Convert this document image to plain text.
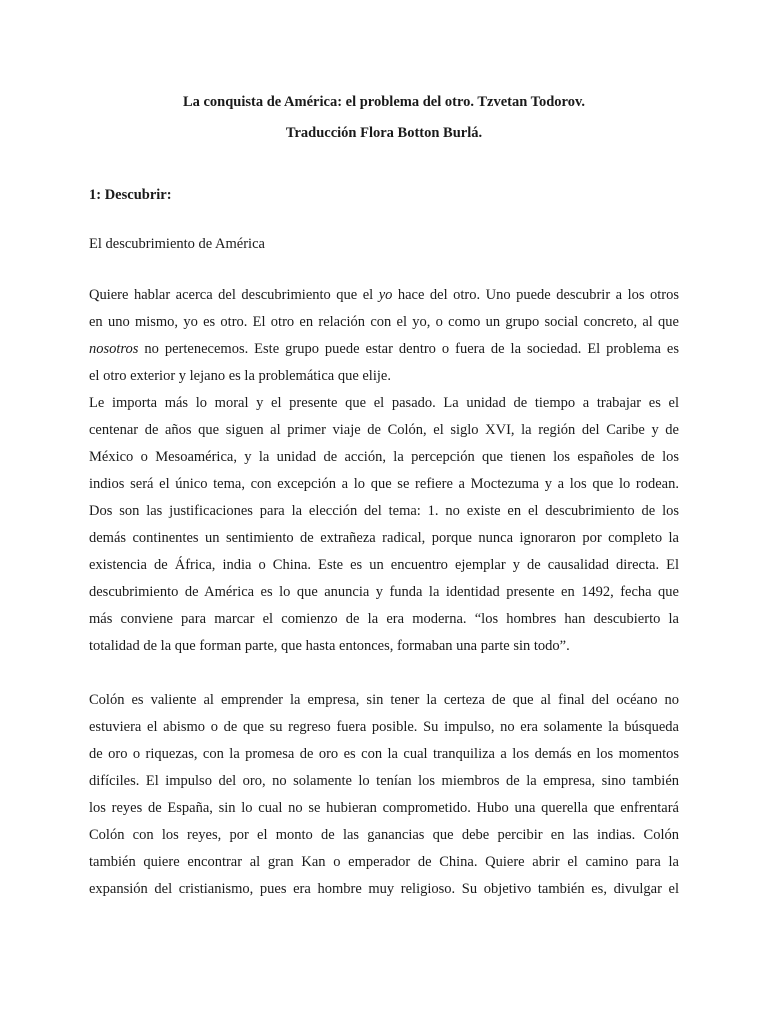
La conquista de América: el problema del otro. Tzvetan Todorov.
Traducción Flora Botton Burlá.
1: Descubrir:
El descubrimiento de América
Quiere hablar acerca del descubrimiento que el yo hace del otro. Uno puede descubrir a los otros
en uno mismo, yo es otro. El otro en relación con el yo, o como un grupo social concreto, al que
nosotros no pertenecemos. Este grupo puede estar dentro o fuera de la sociedad. El problema es
el otro exterior y lejano es la problemática que elije.
Le importa más lo moral y el presente que el pasado. La unidad de tiempo a trabajar es el
centenar de años que siguen al primer viaje de Colón, el siglo XVI, la región del Caribe y de
México o Mesoamérica, y la unidad de acción, la percepción que tienen los españoles de los
indios será el único tema, con excepción a lo que se refiere a Moctezuma y a los que lo rodean.
Dos son las justificaciones para la elección del tema: 1. no existe en el descubrimiento de los
demás continentes un sentimiento de extrañeza radical, porque nunca ignoraron por completo la
existencia de África, india o China. Este es un encuentro ejemplar y de causalidad directa. El
descubrimiento de América es lo que anuncia y funda la identidad presente en 1492, fecha que
más conviene para marcar el comienzo de la era moderna. “los hombres han descubierto la
totalidad de la que forman parte, que hasta entonces, formaban una parte sin todo”.
Colón es valiente al emprender la empresa, sin tener la certeza de que al final del océano no
estuviera el abismo o de que su regreso fuera posible. Su impulso, no era solamente la búsqueda
de oro o riquezas, con la promesa de oro es con la cual tranquiliza a los demás en los momentos
difíciles. El impulso del oro, no solamente lo tenían los miembros de la empresa, sino también
los reyes de España, sin lo cual no se hubieran comprometido. Hubo una querella que enfrentará
Colón con los reyes, por el monto de las ganancias que debe percibir en las indias. Colón
también quiere encontrar al gran Kan o emperador de China. Quiere abrir el camino para la
expansión del cristianismo, pues era hombre muy religioso. Su objetivo también es, divulgar el
